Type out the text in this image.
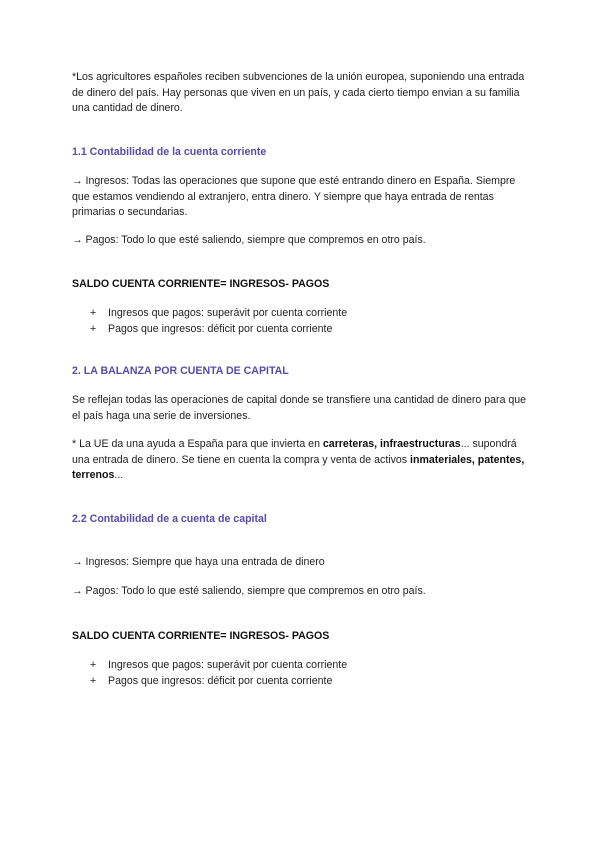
*Los agricultores españoles reciben subvenciones de la unión europea, suponiendo una entrada de dinero del país. Hay personas que viven en un país, y cada cierto tiempo envian a su familia una cantidad de dinero.

1.1 Contabilidad de la cuenta corriente

→ Ingresos: Todas las operaciones que supone que esté entrando dinero en España. Siempre que estamos vendiendo al extranjero, entra dinero. Y siempre que haya entrada de rentas primarias o secundarias.

→ Pagos: Todo lo que esté saliendo, siempre que compremos en otro país.

SALDO CUENTA CORRIENTE= INGRESOS- PAGOS

+ Ingresos que pagos: superávit por cuenta corriente
+ Pagos que ingresos: déficit por cuenta corriente

2. LA BALANZA POR CUENTA DE CAPITAL

Se reflejan todas las operaciones de capital donde se transfiere una cantidad de dinero para que el país haga una serie de inversiones.

* La UE da una ayuda a España para que invierta en carreteras, infraestructuras... supondrá una entrada de dinero. Se tiene en cuenta la compra y venta de activos inmateriales, patentes, terrenos...

2.2 Contabilidad de a cuenta de capital

→ Ingresos: Siempre que haya una entrada de dinero

→ Pagos: Todo lo que esté saliendo, siempre que compremos en otro país.

SALDO CUENTA CORRIENTE= INGRESOS- PAGOS

+ Ingresos que pagos: superávit por cuenta corriente
+ Pagos que ingresos: déficit por cuenta corriente
